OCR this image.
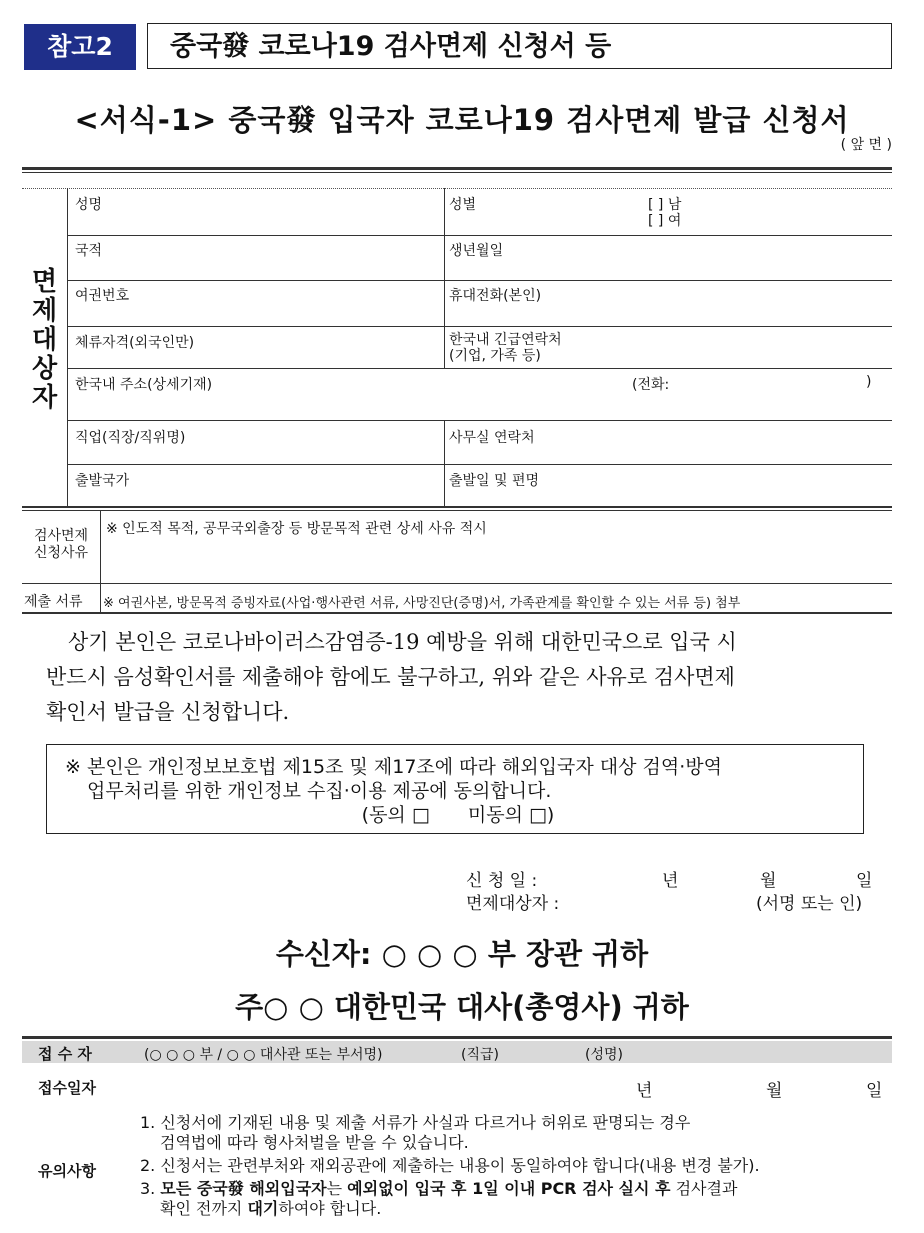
참고2	중국發 코로나19 검사면제 신청서 등
<서식-1> 중국發 입국자 코로나19 검사면제 발급 신청서
( 앞 면 )
면제대상자
성명	성별	[ ] 남
[ ] 여
국적	생년월일
여권번호	휴대전화(본인)
체류자격(외국인만)	한국내 긴급연락처
(기업, 가족 등)
한국내 주소(상세기재)	(전화:	)
직업(직장/직위명)	사무실 연락처
출발국가	출발일 및 편명
검사면제
신청사유
※ 인도적 목적, 공무국외출장 등 방문목적 관련 상세 사유 적시
제출 서류 ※ 여권사본, 방문목적 증빙자료(사업·행사관련 서류, 사망진단(증명)서, 가족관계를 확인할 수 있는 서류 등) 첨부
상기 본인은 코로나바이러스감염증-19 예방을 위해 대한민국으로 입국 시
반드시 음성확인서를 제출해야 함에도 불구하고, 위와 같은 사유로 검사면제
확인서 발급을 신청합니다.
※ 본인은 개인정보보호법 제15조 및 제17조에 따라 해외입국자 대상 검역·방역
업무처리를 위한 개인정보 수집·이용 제공에 동의합니다.
(동의 □ 미동의 □)
신 청 일 :	년	월	일
면제대상자 :	(서명 또는 인)
수신자: ○ ○ ○ 부 장관 귀하
주○ ○ 대한민국 대사(총영사) 귀하
접 수 자	(○ ○ ○ 부 / ○ ○ 대사관 또는 부서명)	(직급)	(성명)
접수일자	년	월	일
유의사항
1. 신청서에 기재된 내용 및 제출 서류가 사실과 다르거나 허위로 판명되는 경우
검역법에 따라 형사처벌을 받을 수 있습니다.
2. 신청서는 관련부처와 재외공관에 제출하는 내용이 동일하여야 합니다(내용 변경 불가).
3. 모든 중국發 해외입국자는 예외없이 입국 후 1일 이내 PCR 검사 실시 후 검사결과
확인 전까지 대기하여야 합니다.
